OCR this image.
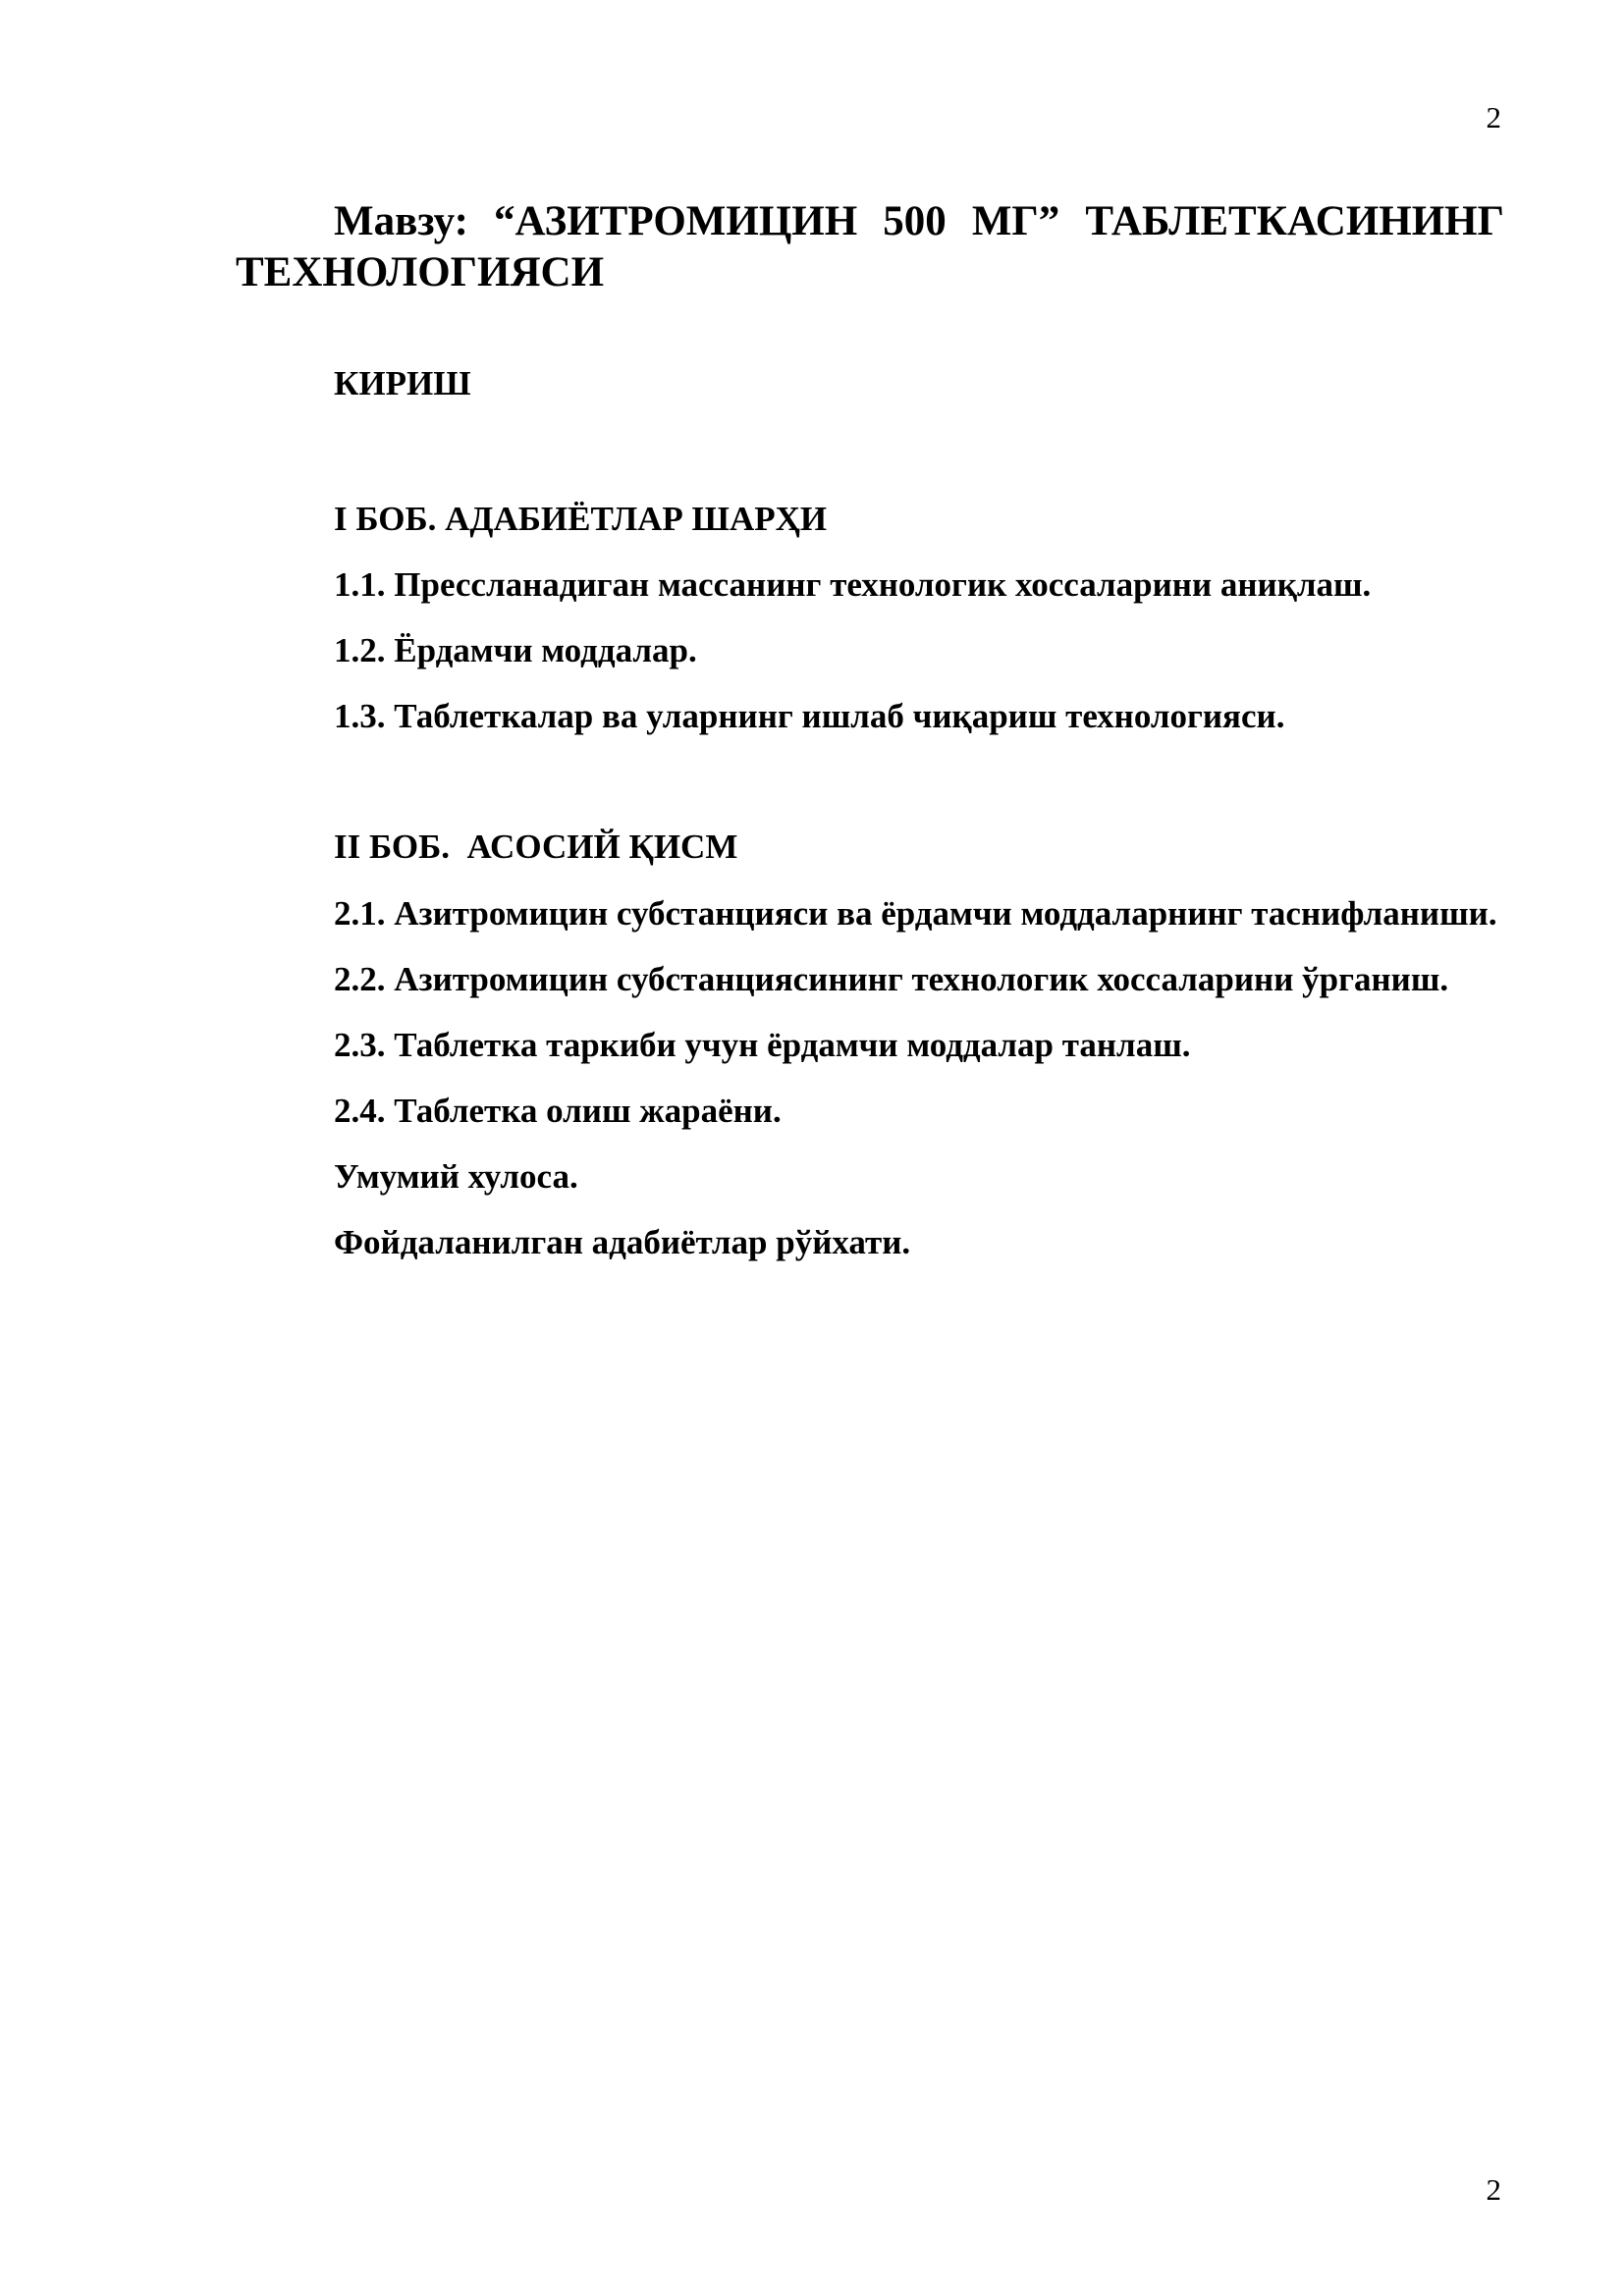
2

Мавзу: “АЗИТРОМИЦИН 500 МГ” ТАБЛЕТКАСИНИНГ ТЕХНОЛОГИЯСИ

КИРИШ

I БОБ. АДАБИЁТЛАР ШАРҲИ

1.1. Прессланадиган массанинг технологик хоссаларини аниқлаш.

1.2. Ёрдамчи моддалар.

1.3. Таблеткалар ва уларнинг ишлаб чиқариш технологияси.

II БОБ.  АСОСИЙ ҚИСМ

2.1. Азитромицин субстанцияси ва ёрдамчи моддаларнинг таснифланиши.

2.2. Азитромицин субстанциясининг технологик хоссаларини ўрганиш.

2.3. Таблетка таркиби учун ёрдамчи моддалар танлаш.

2.4. Таблетка олиш жараёни.

Умумий хулоса.

Фойдаланилган адабиётлар рўйхати.

2
